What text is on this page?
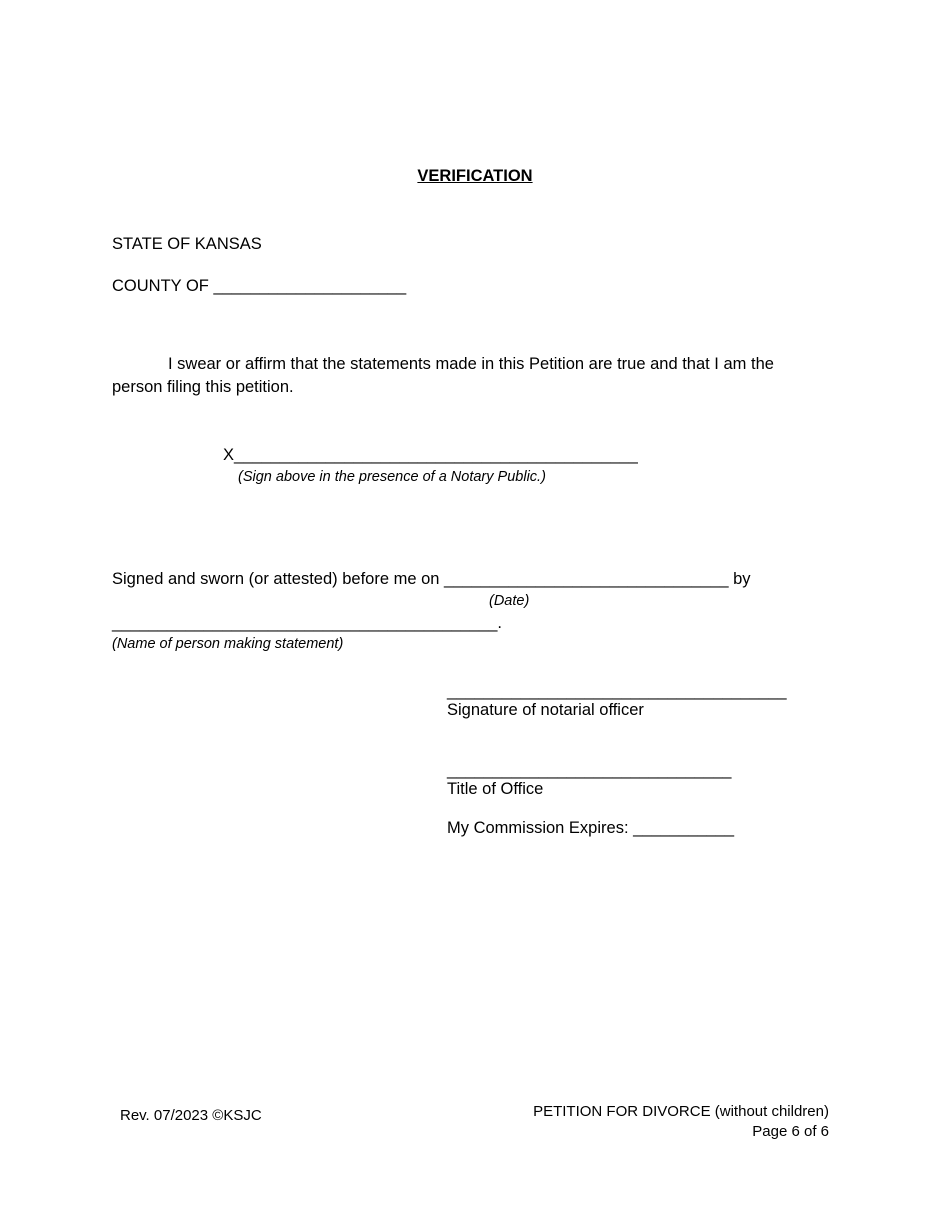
VERIFICATION
STATE OF KANSAS
COUNTY OF _____________________
I swear or affirm that the statements made in this Petition are true and that I am the person filing this petition.
X____________________________________________
(Sign above in the presence of a Notary Public.)
Signed and sworn (or attested) before me on _______________________________ by
(Date)
__________________________________________.
(Name of person making statement)
_____________________________________
Signature of notarial officer
_______________________________
Title of Office
My Commission Expires: ___________
Rev. 07/2023 ©KSJC	PETITION FOR DIVORCE (without children)
Page 6 of 6
